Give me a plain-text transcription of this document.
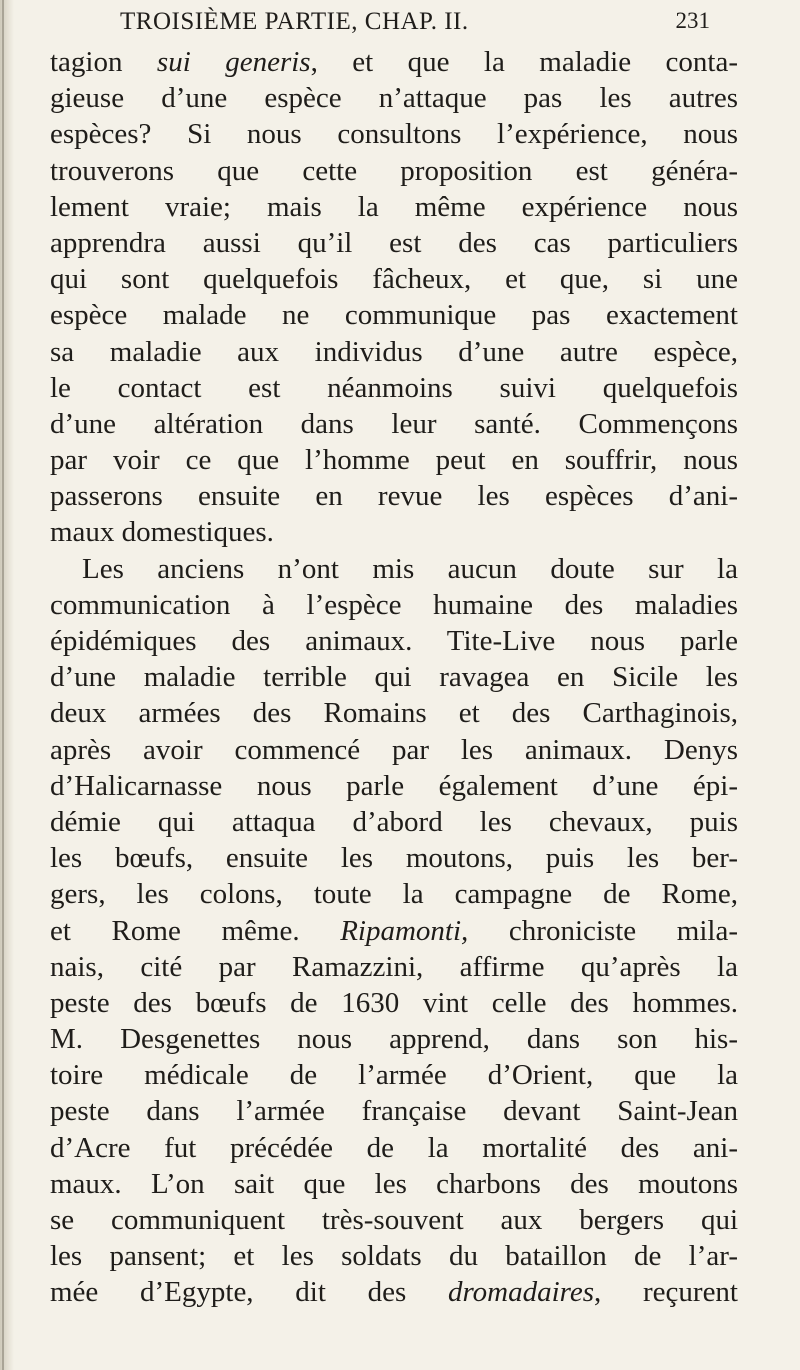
TROISIÈME PARTIE, CHAP. II.	231
tagion sui generis, et que la maladie conta-
gieuse d’une espèce n’attaque pas les autres
espèces? Si nous consultons l’expérience, nous
trouverons que cette proposition est généra-
lement vraie; mais la même expérience nous
apprendra aussi qu’il est des cas particuliers
qui sont quelquefois fâcheux, et que, si une
espèce malade ne communique pas exactement
sa maladie aux individus d’une autre espèce,
le contact est néanmoins suivi quelquefois
d’une altération dans leur santé. Commençons
par voir ce que l’homme peut en souffrir, nous
passerons ensuite en revue les espèces d’ani-
maux domestiques.
Les anciens n’ont mis aucun doute sur la
communication à l’espèce humaine des maladies
épidémiques des animaux. Tite-Live nous parle
d’une maladie terrible qui ravagea en Sicile les
deux armées des Romains et des Carthaginois,
après avoir commencé par les animaux. Denys
d’Halicarnasse nous parle également d’une épi-
démie qui attaqua d’abord les chevaux, puis
les bœufs, ensuite les moutons, puis les ber-
gers, les colons, toute la campagne de Rome,
et Rome même. Ripamonti, chroniciste mila-
nais, cité par Ramazzini, affirme qu’après la
peste des bœufs de 1630 vint celle des hommes.
M. Desgenettes nous apprend, dans son his-
toire médicale de l’armée d’Orient, que la
peste dans l’armée française devant Saint-Jean
d’Acre fut précédée de la mortalité des ani-
maux. L’on sait que les charbons des moutons
se communiquent très-souvent aux bergers qui
les pansent; et les soldats du bataillon de l’ar-
mée d’Egypte, dit des dromadaires, reçurent
